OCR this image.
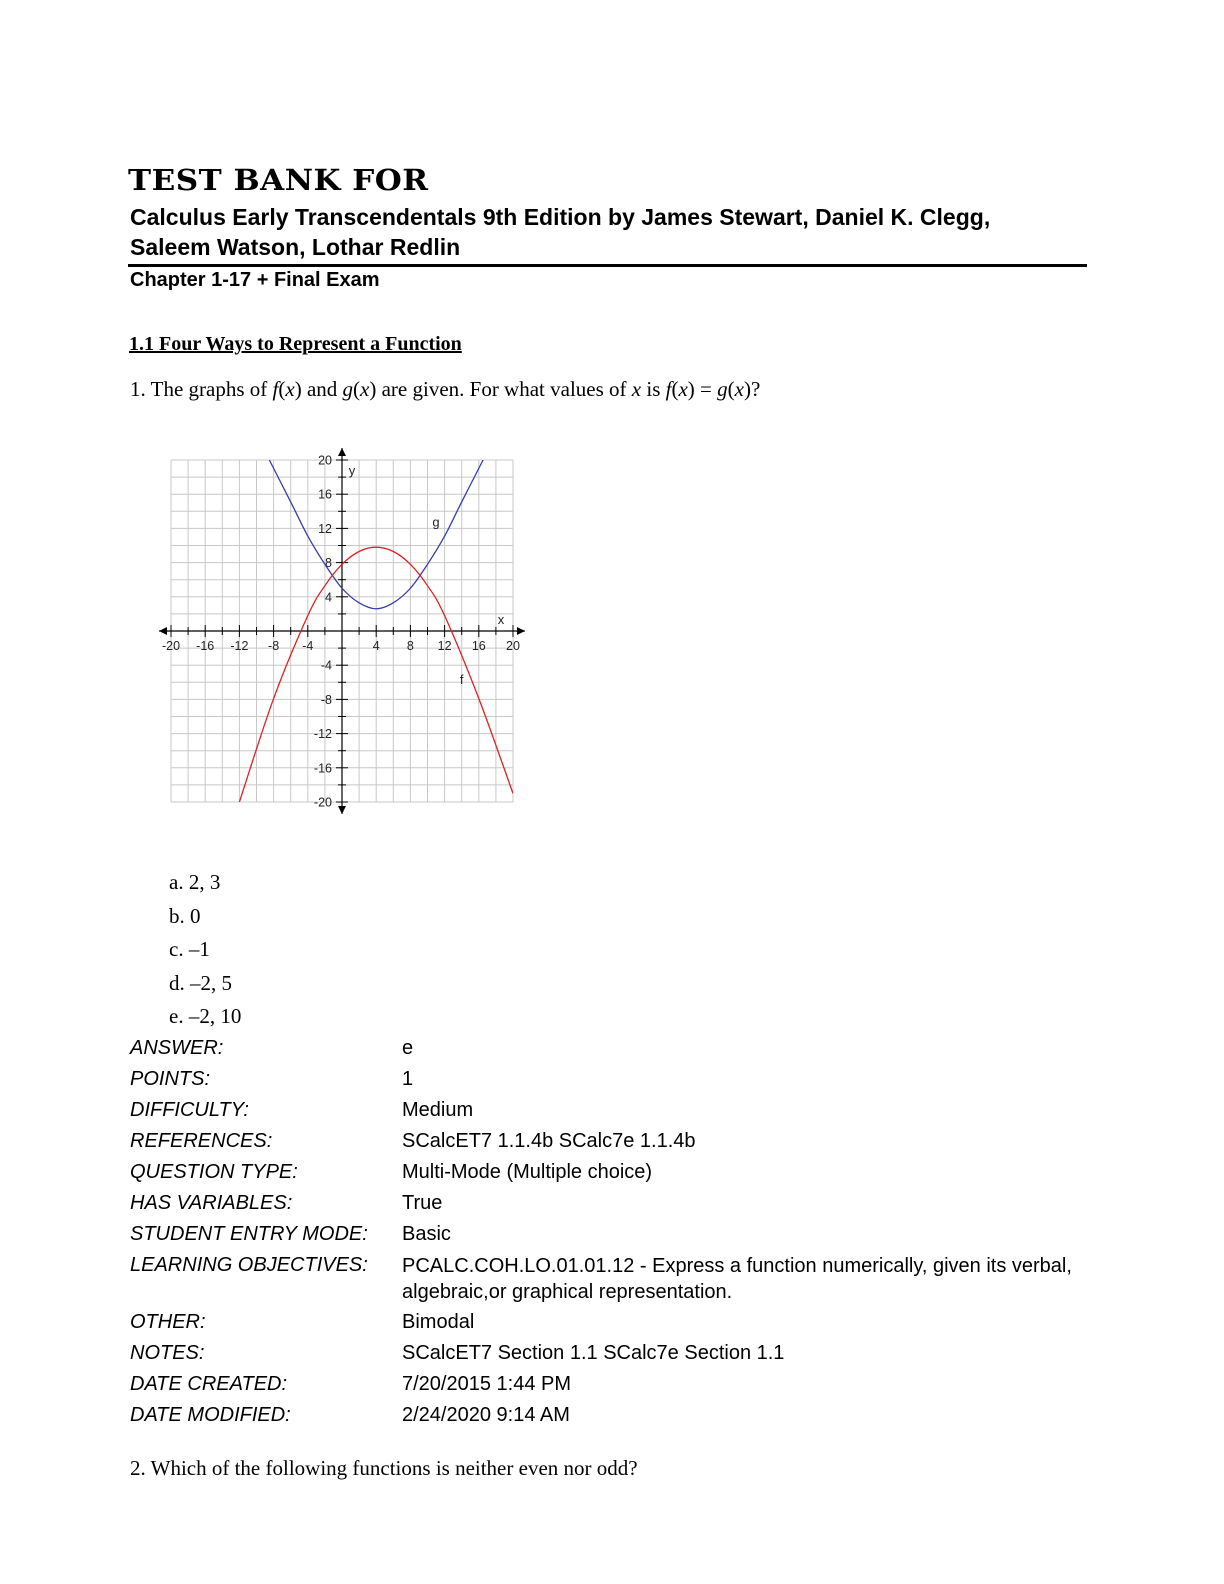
TEST BANK FOR
Calculus Early Transcendentals 9th Edition by James Stewart, Daniel K. Clegg, Saleem Watson, Lothar Redlin
Chapter 1-17 + Final Exam
1.1 Four Ways to Represent a Function
1. The graphs of f(x) and g(x) are given. For what values of x is f(x) = g(x)?
-20 -16 -12 -8 -4	4 8 12 16 20
20
16
12
8
4
-4
-8
-12
-16
-20
x
y
g
f
a. 2, 3
b. 0
c. –1
d. –2, 5
e. –2, 10
ANSWER:	e
POINTS:	1
DIFFICULTY:	Medium
REFERENCES:	SCalcET7 1.1.4b SCalc7e 1.1.4b
QUESTION TYPE:	Multi-Mode (Multiple choice)
HAS VARIABLES:	True
STUDENT ENTRY MODE:	Basic
LEARNING OBJECTIVES:	PCALC.COH.LO.01.01.12 - Express a function numerically, given its verbal, algebraic,or graphical representation.
OTHER:	Bimodal
NOTES:	SCalcET7 Section 1.1 SCalc7e Section 1.1
DATE CREATED:	7/20/2015 1:44 PM
DATE MODIFIED:	2/24/2020 9:14 AM
2. Which of the following functions is neither even nor odd?
